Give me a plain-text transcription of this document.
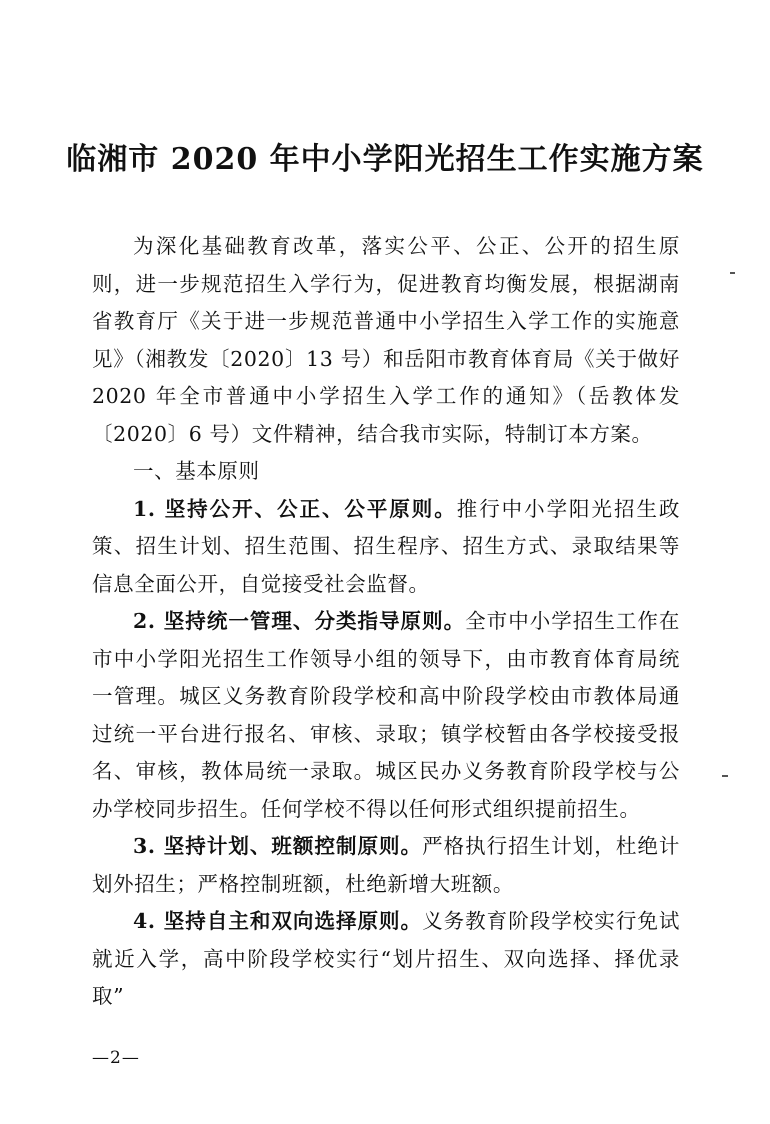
临湘市 2020 年中小学阳光招生工作实施方案

为深化基础教育改革，落实公平、公正、公开的招生原则，进一步规范招生入学行为，促进教育均衡发展，根据湖南省教育厅《关于进一步规范普通中小学招生入学工作的实施意见》（湘教发〔2020〕13 号）和岳阳市教育体育局《关于做好 2020 年全市普通中小学招生入学工作的通知》（岳教体发〔2020〕6 号）文件精神，结合我市实际，特制订本方案。

一、基本原则

1. 坚持公开、公正、公平原则。推行中小学阳光招生政策、招生计划、招生范围、招生程序、招生方式、录取结果等信息全面公开，自觉接受社会监督。

2. 坚持统一管理、分类指导原则。全市中小学招生工作在市中小学阳光招生工作领导小组的领导下，由市教育体育局统一管理。城区义务教育阶段学校和高中阶段学校由市教体局通过统一平台进行报名、审核、录取；镇学校暂由各学校接受报名、审核，教体局统一录取。城区民办义务教育阶段学校与公办学校同步招生。任何学校不得以任何形式组织提前招生。

3. 坚持计划、班额控制原则。严格执行招生计划，杜绝计划外招生；严格控制班额，杜绝新增大班额。

4. 坚持自主和双向选择原则。义务教育阶段学校实行免试就近入学，高中阶段学校实行“划片招生、双向选择、择优录取”

—2—
